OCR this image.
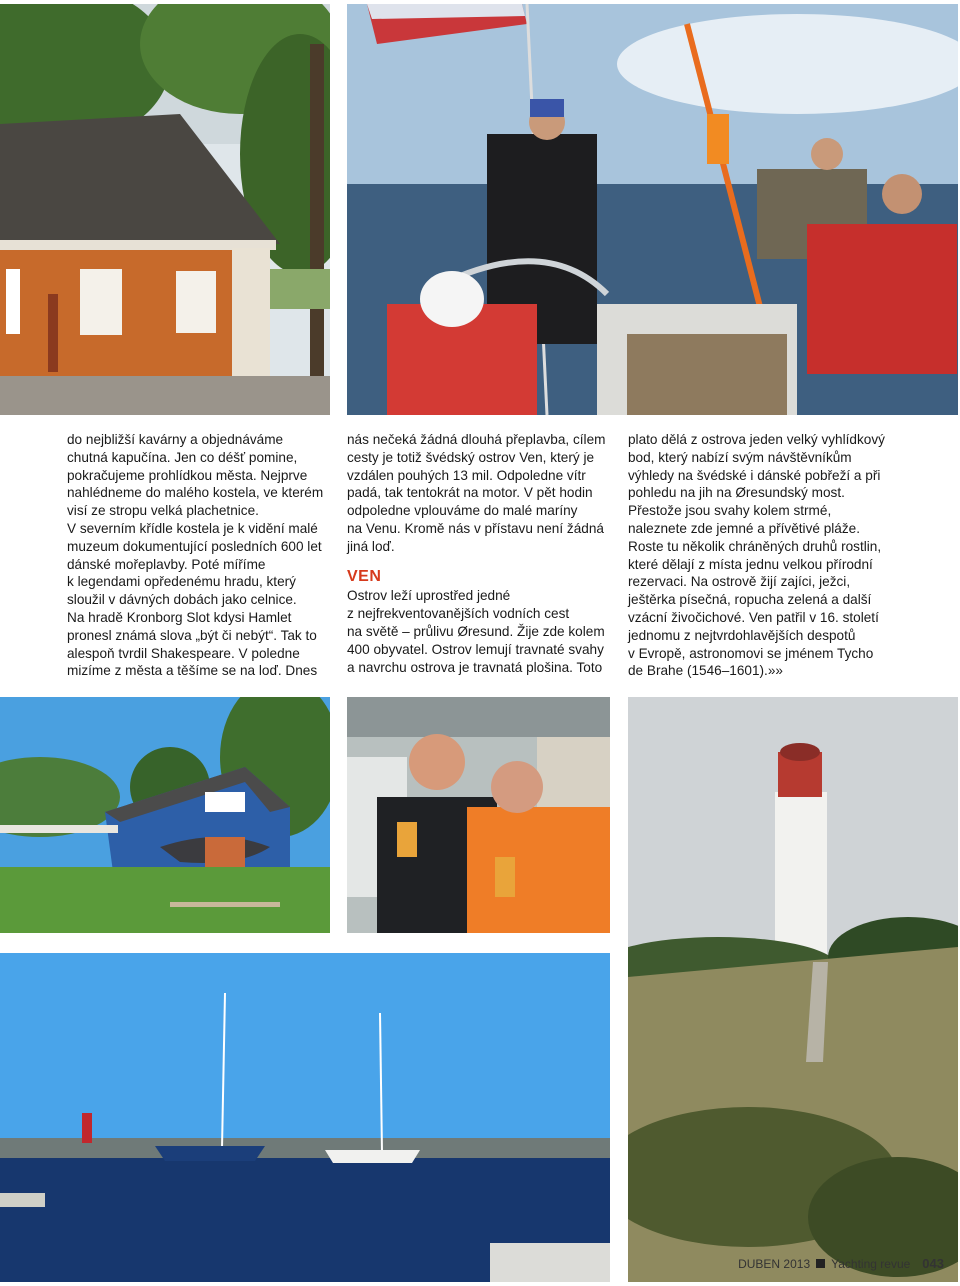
do nejbližší kavárny a objednáváme
chutná kapučína. Jen co déšť pomine,
pokračujeme prohlídkou města. Nejprve
nahlédneme do malého kostela, ve kterém
visí ze stropu velká plachetnice.
V severním křídle kostela je k vidění malé
muzeum dokumentující posledních 600 let
dánské mořeplavby. Poté míříme
k legendami opředenému hradu, který
sloužil v dávných dobách jako celnice.
Na hradě Kronborg Slot kdysi Hamlet
pronesl známá slova „být či nebýt“. Tak to
alespoň tvrdil Shakespeare. V poledne
mizíme z města a těšíme se na loď. Dnes

nás nečeká žádná dlouhá přeplavba, cílem
cesty je totiž švédský ostrov Ven, který je
vzdálen pouhých 13 mil. Odpoledne vítr
padá, tak tentokrát na motor. V pět hodin
odpoledne vplouváme do malé maríny
na Venu. Kromě nás v přístavu není žádná
jiná loď.

VEN

Ostrov leží uprostřed jedné
z nejfrekventovanějších vodních cest
na světě – průlivu Øresund. Žije zde kolem
400 obyvatel. Ostrov lemují travnaté svahy
a navrchu ostrova je travnatá plošina. Toto

plato dělá z ostrova jeden velký vyhlídkový
bod, který nabízí svým návštěvníkům
výhledy na švédské i dánské pobřeží a při
pohledu na jih na Øresundský most.
Přestože jsou svahy kolem strmé,
naleznete zde jemné a přívětivé pláže.
Roste tu několik chráněných druhů rostlin,
které dělají z místa jednu velkou přírodní
rezervaci. Na ostrově žijí zajíci, ježci,
ještěrka písečná, ropucha zelená a další
vzácní živočichové. Ven patřil v 16. století
jednomu z nejtvrdohlavějších despotů
v Evropě, astronomovi se jménem Tycho
de Brahe (1546–1601).»»

DUBEN 2013 Yachting revue 043
